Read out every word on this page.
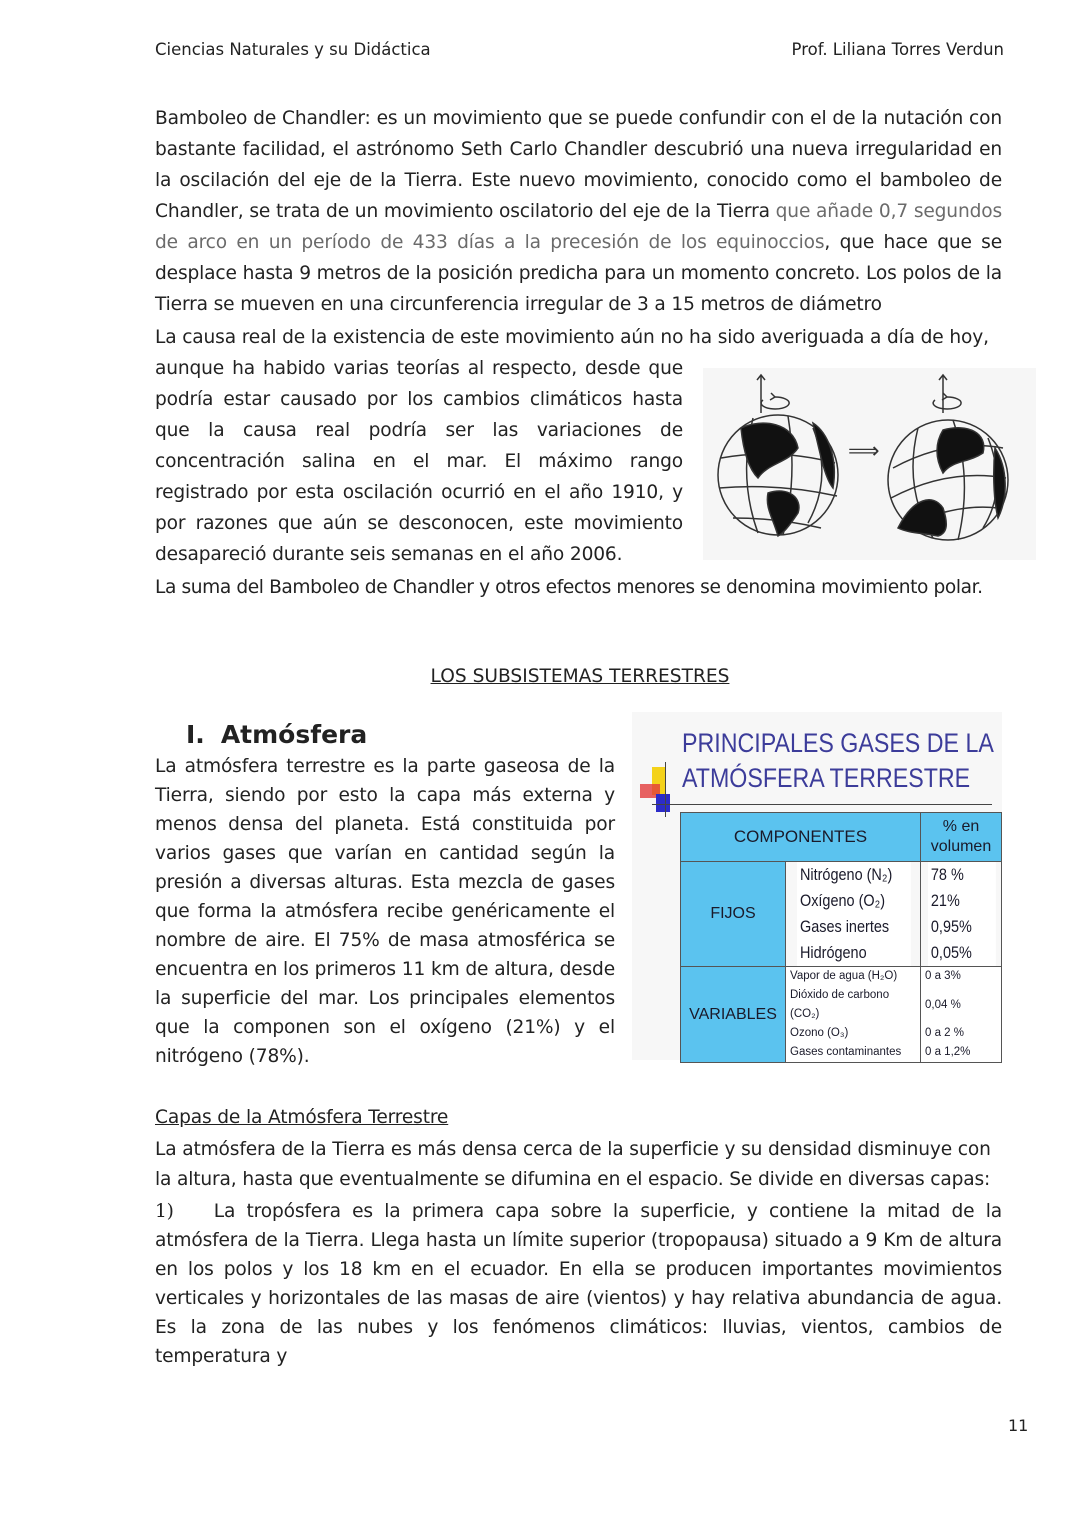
Ciencias Naturales y su Didáctica	Prof. Liliana Torres Verdun
Bamboleo de Chandler: es un movimiento que se puede confundir con el de la nutación con bastante facilidad, el astrónomo Seth Carlo Chandler descubrió una nueva irregularidad en la oscilación del eje de la Tierra. Este nuevo movimiento, conocido como el bamboleo de Chandler, se trata de un movimiento oscilatorio del eje de la Tierra que añade 0,7 segundos de arco en un período de 433 días a la precesión de los equinoccios, que hace que se desplace hasta 9 metros de la posición predicha para un momento concreto. Los polos de la Tierra se mueven en una circunferencia irregular de 3 a 15 metros de diámetro
La causa real de la existencia de este movimiento aún no ha sido averiguada a día de hoy,
aunque ha habido varias teorías al respecto, desde que podría estar causado por los cambios climáticos hasta que la causa real podría ser las variaciones de concentración salina en el mar. El máximo rango registrado por esta oscilación ocurrió en el año 1910, y por razones que aún se desconocen, este movimiento desapareció durante seis semanas en el año 2006.
La suma del Bamboleo de Chandler y otros efectos menores se denomina movimiento polar.
⟹
LOS SUBSISTEMAS TERRESTRES
I. Atmósfera
La atmósfera terrestre es la parte gaseosa de la Tierra, siendo por esto la capa más externa y menos densa del planeta. Está constituida por varios gases que varían en cantidad según la presión a diversas alturas. Esta mezcla de gases que forma la atmósfera recibe genéricamente el nombre de aire. El 75% de masa atmosférica se encuentra en los primeros 11 km de altura, desde la superficie del mar. Los principales elementos que la componen son el oxígeno (21%) y el nitrógeno (78%).
PRINCIPALES GASES DE LA
ATMÓSFERA TERRESTRE
COMPONENTES		% en volumen
FIJOS	Nitrógeno (N₂)	78 %
	Oxígeno (O₂)	21%
	Gases inertes	0,95%
	Hidrógeno	0,05%
VARIABLES	Vapor de agua (H₂O)	0 a 3%
	Dióxido de carbono (CO₂)	0,04 %
	Ozono (O₃)	0 a 2 %
	Gases contaminantes	0 a 1,2%
Capas de la Atmósfera Terrestre
La atmósfera de la Tierra es más densa cerca de la superficie y su densidad disminuye con la altura, hasta que eventualmente se difumina en el espacio. Se divide en diversas capas:
1) La tropósfera es la primera capa sobre la superficie, y contiene la mitad de la atmósfera de la Tierra. Llega hasta un límite superior (tropopausa) situado a 9 Km de altura en los polos y los 18 km en el ecuador. En ella se producen importantes movimientos verticales y horizontales de las masas de aire (vientos) y hay relativa abundancia de agua. Es la zona de las nubes y los fenómenos climáticos: lluvias, vientos, cambios de temperatura y
11
